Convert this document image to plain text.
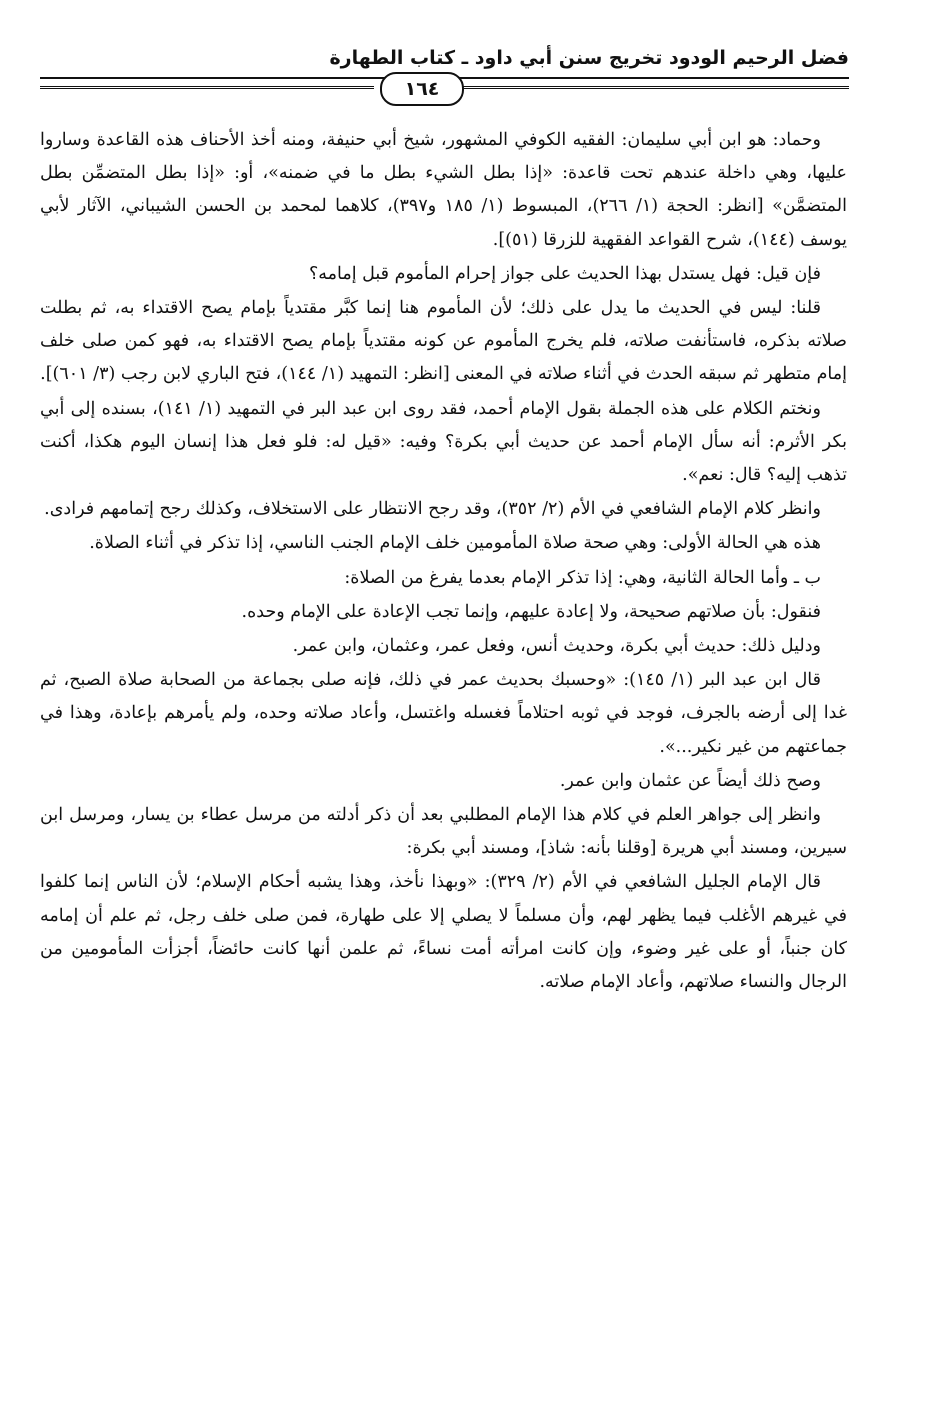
فضل الرحيم الودود تخريج سنن أبي داود ـ كتاب الطهارة
١٦٤

وحماد: هو ابن أبي سليمان: الفقيه الكوفي المشهور، شيخ أبي حنيفة، ومنه أخذ الأحناف هذه القاعدة وساروا عليها، وهي داخلة عندهم تحت قاعدة: «إذا بطل الشيء بطل ما في ضمنه»، أو: «إذا بطل المتضمِّن بطل المتضمَّن» [انظر: الحجة (١/ ٢٦٦)، المبسوط (١/ ١٨٥ و٣٩٧)، كلاهما لمحمد بن الحسن الشيباني، الآثار لأبي يوسف (١٤٤)، شرح القواعد الفقهية للزرقا (٥١)].

فإن قيل: فهل يستدل بهذا الحديث على جواز إحرام المأموم قبل إمامه؟

قلنا: ليس في الحديث ما يدل على ذلك؛ لأن المأموم هنا إنما كبَّر مقتدياً بإمام يصح الاقتداء به، ثم بطلت صلاته بذكره، فاستأنفت صلاته، فلم يخرج المأموم عن كونه مقتدياً بإمام يصح الاقتداء به، فهو كمن صلى خلف إمام متطهر ثم سبقه الحدث في أثناء صلاته في المعنى [انظر: التمهيد (١/ ١٤٤)، فتح الباري لابن رجب (٣/ ٦٠١)].

ونختم الكلام على هذه الجملة بقول الإمام أحمد، فقد روى ابن عبد البر في التمهيد (١/ ١٤١)، بسنده إلى أبي بكر الأثرم: أنه سأل الإمام أحمد عن حديث أبي بكرة؟ وفيه: «قيل له: فلو فعل هذا إنسان اليوم هكذا، أكنت تذهب إليه؟ قال: نعم».

وانظر كلام الإمام الشافعي في الأم (٢/ ٣٥٢)، وقد رجح الانتظار على الاستخلاف، وكذلك رجح إتمامهم فرادى.

هذه هي الحالة الأولى: وهي صحة صلاة المأمومين خلف الإمام الجنب الناسي، إذا تذكر في أثناء الصلاة.

ب ـ وأما الحالة الثانية، وهي: إذا تذكر الإمام بعدما يفرغ من الصلاة:

فنقول: بأن صلاتهم صحيحة، ولا إعادة عليهم، وإنما تجب الإعادة على الإمام وحده.

ودليل ذلك: حديث أبي بكرة، وحديث أنس، وفعل عمر، وعثمان، وابن عمر.

قال ابن عبد البر (١/ ١٤٥): «وحسبك بحديث عمر في ذلك، فإنه صلى بجماعة من الصحابة صلاة الصبح، ثم غدا إلى أرضه بالجرف، فوجد في ثوبه احتلاماً فغسله واغتسل، وأعاد صلاته وحده، ولم يأمرهم بإعادة، وهذا في جماعتهم من غير نكير...».

وصح ذلك أيضاً عن عثمان وابن عمر.

وانظر إلى جواهر العلم في كلام هذا الإمام المطلبي بعد أن ذكر أدلته من مرسل عطاء بن يسار، ومرسل ابن سيرين، ومسند أبي هريرة [وقلنا بأنه: شاذ]، ومسند أبي بكرة:

قال الإمام الجليل الشافعي في الأم (٢/ ٣٢٩): «وبهذا نأخذ، وهذا يشبه أحكام الإسلام؛ لأن الناس إنما كلفوا في غيرهم الأغلب فيما يظهر لهم، وأن مسلماً لا يصلي إلا على طهارة، فمن صلى خلف رجل، ثم علم أن إمامه كان جنباً، أو على غير وضوء، وإن كانت امرأته أمت نساءً، ثم علمن أنها كانت حائضاً، أجزأت المأمومين من الرجال والنساء صلاتهم، وأعاد الإمام صلاته.
